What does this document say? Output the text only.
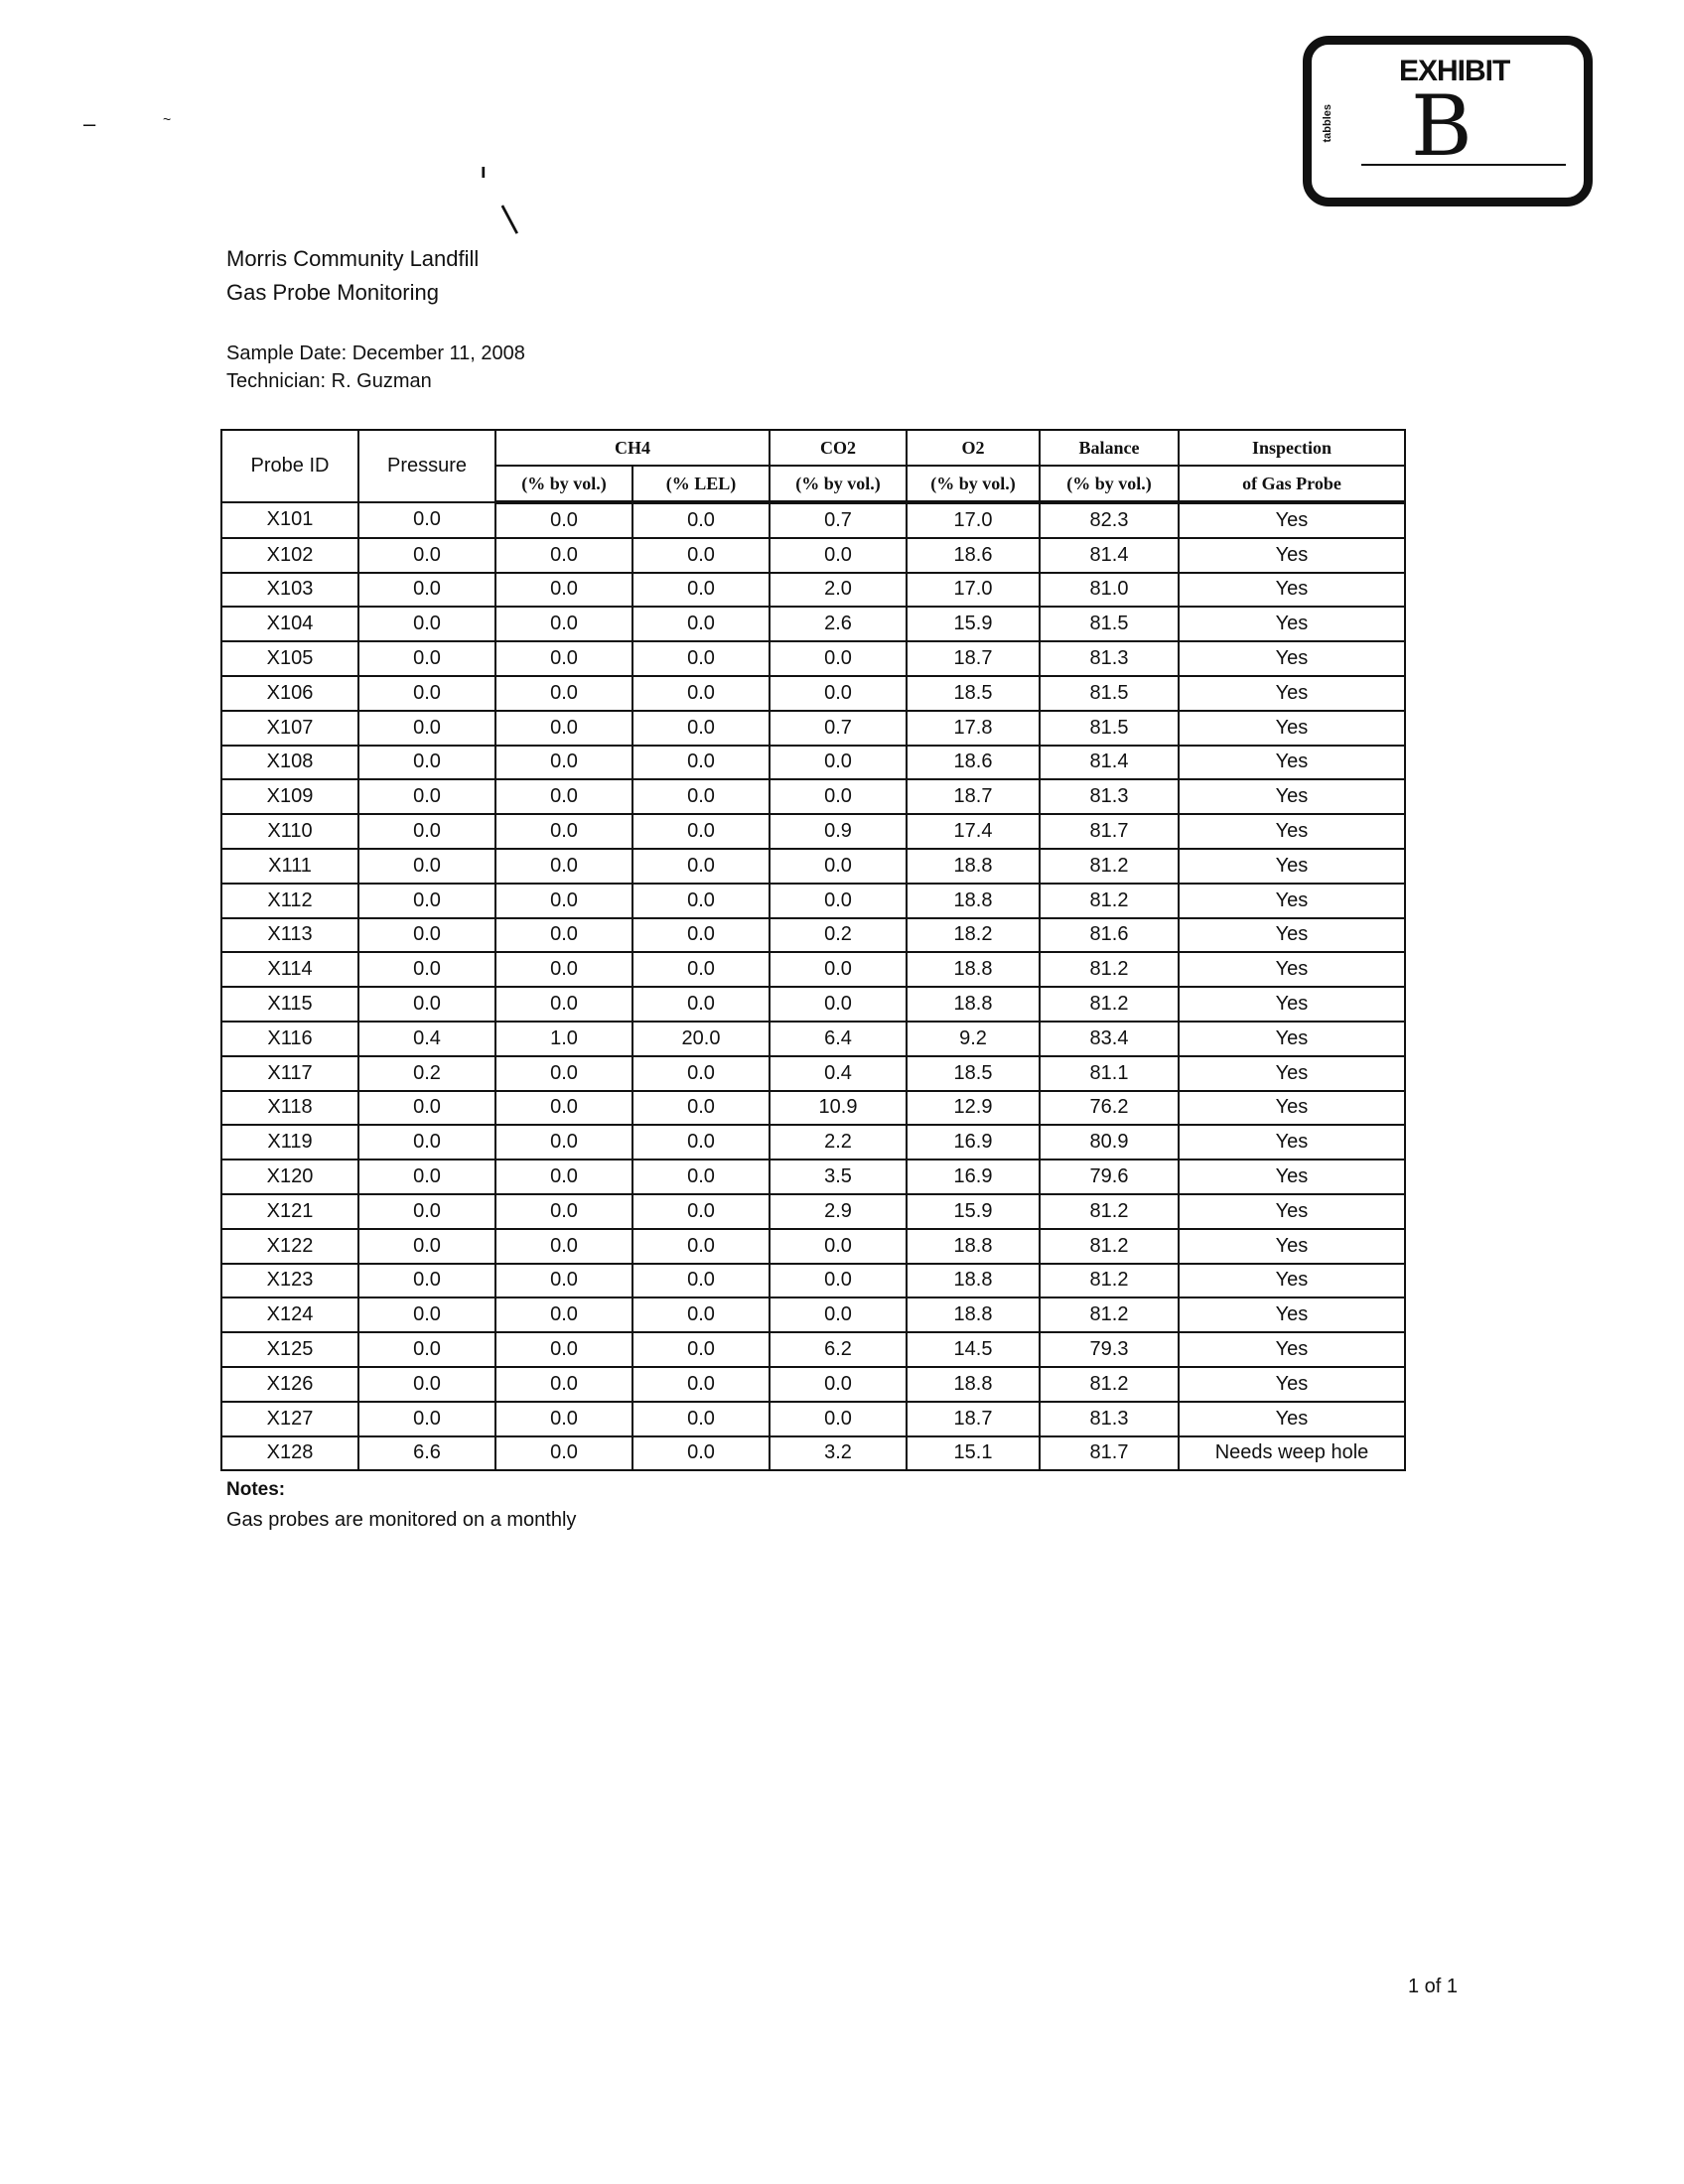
–	~
ı
|
EXHIBIT
tabbles B
Morris Community Landfill
Gas Probe Monitoring
Sample Date: December 11, 2008
Technician: R. Guzman
Probe ID	Pressure	CH4		CO2	O2	Balance	Inspection
		(% by vol.)	(% LEL)	(% by vol.)	(% by vol.)	(% by vol.)	of Gas Probe
X101	0.0	0.0	0.0	0.7	17.0	82.3	Yes
X102	0.0	0.0	0.0	0.0	18.6	81.4	Yes
X103	0.0	0.0	0.0	2.0	17.0	81.0	Yes
X104	0.0	0.0	0.0	2.6	15.9	81.5	Yes
X105	0.0	0.0	0.0	0.0	18.7	81.3	Yes
X106	0.0	0.0	0.0	0.0	18.5	81.5	Yes
X107	0.0	0.0	0.0	0.7	17.8	81.5	Yes
X108	0.0	0.0	0.0	0.0	18.6	81.4	Yes
X109	0.0	0.0	0.0	0.0	18.7	81.3	Yes
X110	0.0	0.0	0.0	0.9	17.4	81.7	Yes
X111	0.0	0.0	0.0	0.0	18.8	81.2	Yes
X112	0.0	0.0	0.0	0.0	18.8	81.2	Yes
X113	0.0	0.0	0.0	0.2	18.2	81.6	Yes
X114	0.0	0.0	0.0	0.0	18.8	81.2	Yes
X115	0.0	0.0	0.0	0.0	18.8	81.2	Yes
X116	0.4	1.0	20.0	6.4	9.2	83.4	Yes
X117	0.2	0.0	0.0	0.4	18.5	81.1	Yes
X118	0.0	0.0	0.0	10.9	12.9	76.2	Yes
X119	0.0	0.0	0.0	2.2	16.9	80.9	Yes
X120	0.0	0.0	0.0	3.5	16.9	79.6	Yes
X121	0.0	0.0	0.0	2.9	15.9	81.2	Yes
X122	0.0	0.0	0.0	0.0	18.8	81.2	Yes
X123	0.0	0.0	0.0	0.0	18.8	81.2	Yes
X124	0.0	0.0	0.0	0.0	18.8	81.2	Yes
X125	0.0	0.0	0.0	6.2	14.5	79.3	Yes
X126	0.0	0.0	0.0	0.0	18.8	81.2	Yes
X127	0.0	0.0	0.0	0.0	18.7	81.3	Yes
X128	6.6	0.0	0.0	3.2	15.1	81.7	Needs weep hole
Notes:
Gas probes are monitored on a monthly
1 of 1
